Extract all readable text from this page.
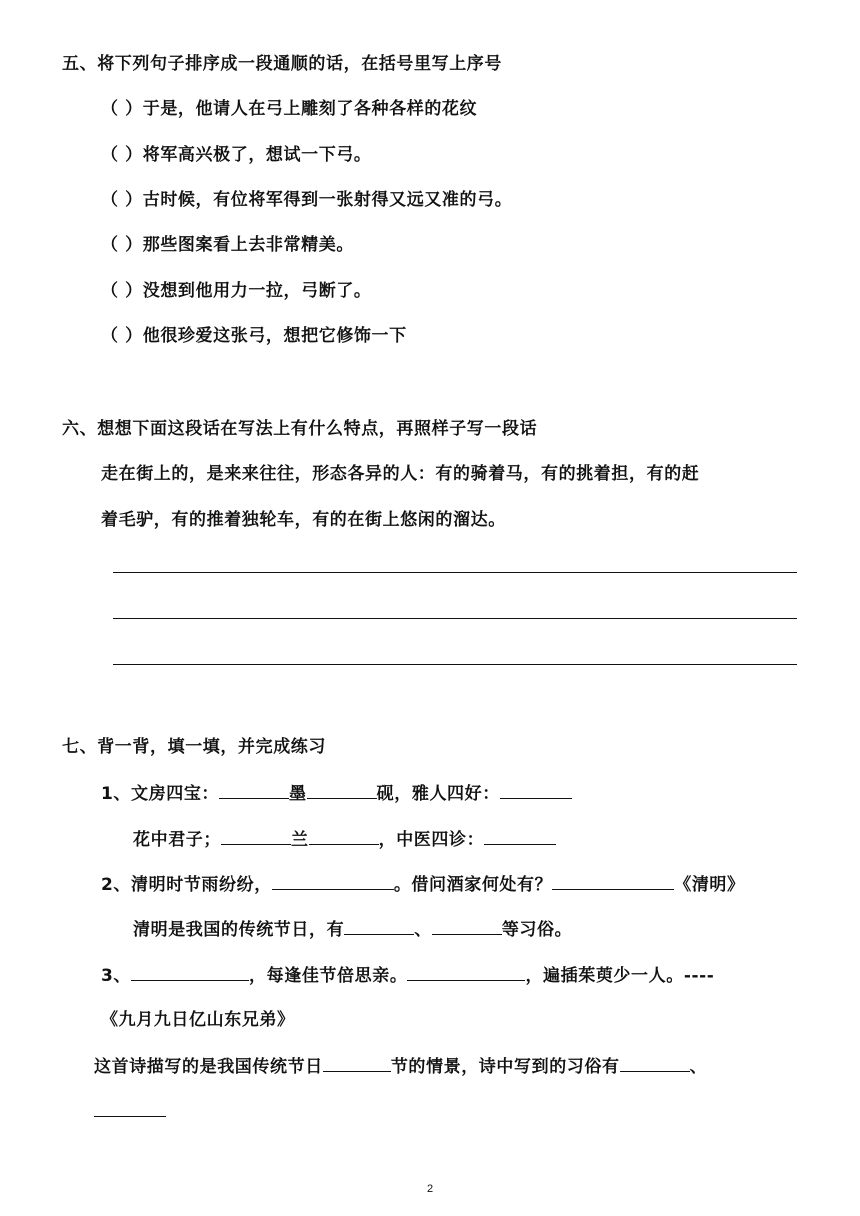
五、将下列句子排序成一段通顺的话，在括号里写上序号
（ ）于是，他请人在弓上雕刻了各种各样的花纹
（ ）将军高兴极了，想试一下弓。
（ ）古时候，有位将军得到一张射得又远又准的弓。
（ ）那些图案看上去非常精美。
（ ）没想到他用力一拉，弓断了。
（ ）他很珍爱这张弓，想把它修饰一下
六、想想下面这段话在写法上有什么特点，再照样子写一段话
走在街上的，是来来往往，形态各异的人：有的骑着马，有的挑着担，有的赶
着毛驴，有的推着独轮车，有的在街上悠闲的溜达。
七、背一背，填一填，并完成练习
1、文房四宝：	墨	砚，雅人四好：
花中君子；	兰	，中医四诊：
2、清明时节雨纷纷，	。借问酒家何处有？	《清明》
清明是我国的传统节日，有	、	等习俗。
3、	，每逢佳节倍思亲。	，遍插茱萸少一人。----
《九月九日亿山东兄弟》
这首诗描写的是我国传统节日	节的情景，诗中写到的习俗有	、
2
